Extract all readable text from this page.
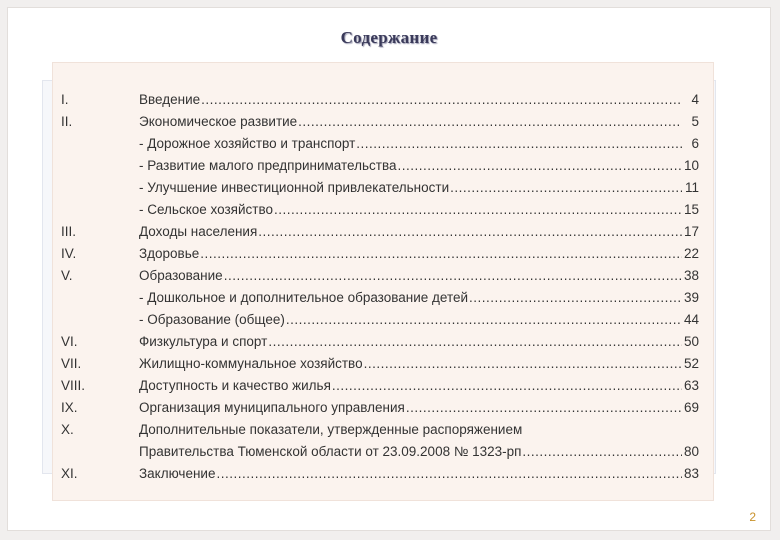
Содержание
I.	Введение .....	4
II.	Экономическое развитие .....	5
- Дорожное хозяйство и транспорт .....	6
- Развитие малого предпринимательства .....	10
- Улучшение инвестиционной привлекательности .....	11
- Сельское хозяйство .....	15
III.	Доходы населения .....	17
IV.	Здоровье .....	22
V.	Образование .....	38
- Дошкольное и дополнительное образование детей .....	39
- Образование (общее) .....	44
VI.	Физкультура и спорт .....	50
VII.	Жилищно-коммунальное хозяйство .....	52
VIII.	Доступность и качество жилья .....	63
IX.	Организация муниципального управления .....	69
X.	Дополнительные показатели, утвержденные распоряжением
Правительства Тюменской области от 23.09.2008 № 1323-рп .....	80
XI.	Заключение .....	83
2
